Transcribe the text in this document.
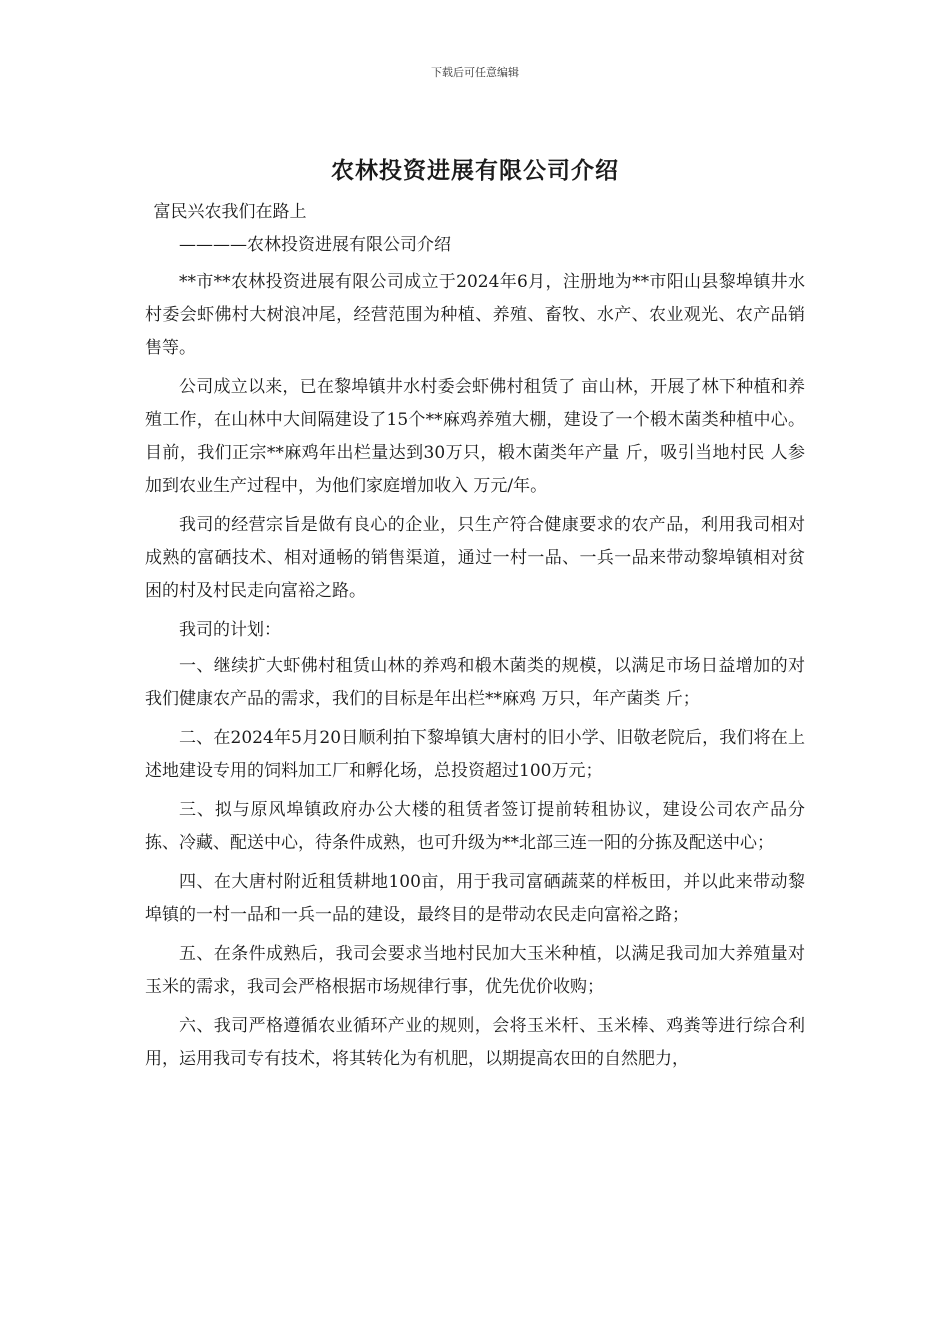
下载后可任意编辑
农林投资进展有限公司介绍

富民兴农我们在路上

————农林投资进展有限公司介绍

**市**农林投资进展有限公司成立于2024年6月，注册地为**市阳山县黎埠镇井水村委会虾佛村大树浪冲尾，经营范围为种植、养殖、畜牧、水产、农业观光、农产品销售等。

公司成立以来，已在黎埠镇井水村委会虾佛村租赁了 亩山林，开展了林下种植和养殖工作，在山林中大间隔建设了15个**麻鸡养殖大棚，建设了一个椴木菌类种植中心。目前，我们正宗**麻鸡年出栏量达到30万只，椴木菌类年产量 斤，吸引当地村民 人参加到农业生产过程中，为他们家庭增加收入 万元/年。

我司的经营宗旨是做有良心的企业，只生产符合健康要求的农产品，利用我司相对成熟的富硒技术、相对通畅的销售渠道，通过一村一品、一兵一品来带动黎埠镇相对贫困的村及村民走向富裕之路。

我司的计划：

一、继续扩大虾佛村租赁山林的养鸡和椴木菌类的规模，以满足市场日益增加的对我们健康农产品的需求，我们的目标是年出栏**麻鸡 万只，年产菌类 斤；

二、在2024年5月20日顺利拍下黎埠镇大唐村的旧小学、旧敬老院后，我们将在上述地建设专用的饲料加工厂和孵化场，总投资超过100万元；

三、拟与原风埠镇政府办公大楼的租赁者签订提前转租协议，建设公司农产品分拣、冷藏、配送中心，待条件成熟，也可升级为**北部三连一阳的分拣及配送中心；

四、在大唐村附近租赁耕地100亩，用于我司富硒蔬菜的样板田，并以此来带动黎埠镇的一村一品和一兵一品的建设，最终目的是带动农民走向富裕之路；

五、在条件成熟后，我司会要求当地村民加大玉米种植，以满足我司加大养殖量对玉米的需求，我司会严格根据市场规律行事，优先优价收购；

六、我司严格遵循农业循环产业的规则，会将玉米杆、玉米棒、鸡粪等进行综合利用，运用我司专有技术，将其转化为有机肥，以期提高农田的自然肥力，
